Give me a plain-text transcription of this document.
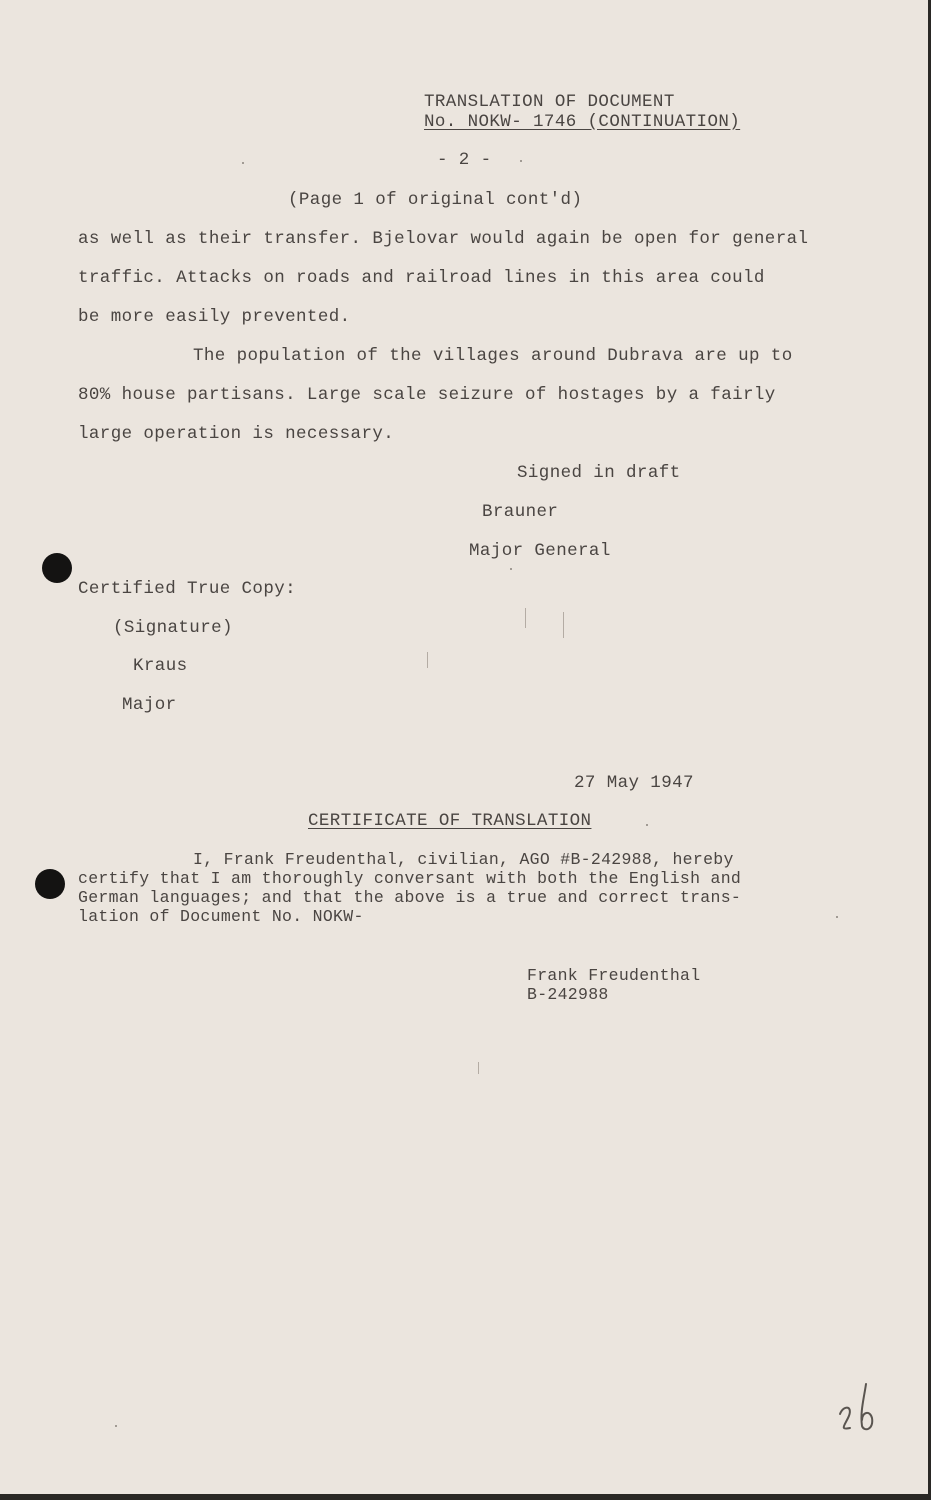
TRANSLATION OF DOCUMENT
No. NOKW- 1746 (CONTINUATION)
- 2 -
(Page 1 of original cont'd)
as well as their transfer. Bjelovar would again be open for general
traffic. Attacks on roads and railroad lines in this area could
be more easily prevented.
The population of the villages around Dubrava are up to
80% house partisans. Large scale seizure of hostages by a fairly
large operation is necessary.
Signed in draft
Brauner
Major General
Certified True Copy:
(Signature)
Kraus
Major
27 May 1947
CERTIFICATE OF TRANSLATION
I, Frank Freudenthal, civilian, AGO #B-242988, hereby
certify that I am thoroughly conversant with both the English and
German languages; and that the above is a true and correct trans-
lation of Document No. NOKW-
Frank Freudenthal
B-242988
